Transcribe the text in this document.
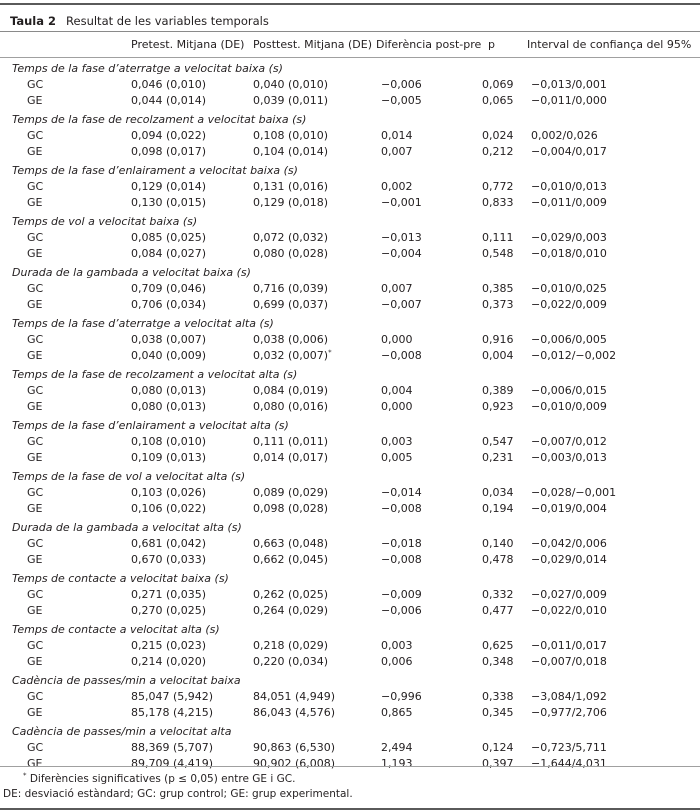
Taula 2 Resultat de les variables temporals
Pretest. Mitjana (DE) Posttest. Mitjana (DE) Diferència post-pre p	Interval de confiança del 95%
Temps de la fase d’aterratge a velocitat baixa (s)
GC	0,046 (0,010)	0,040 (0,010)	−0,006	0,069 −0,013/0,001
GE	0,044 (0,014)	0,039 (0,011)	−0,005	0,065 −0,011/0,000
Temps de la fase de recolzament a velocitat baixa (s)
GC	0,094 (0,022)	0,108 (0,010)	0,014	0,024 0,002/0,026
GE	0,098 (0,017)	0,104 (0,014)	0,007	0,212 −0,004/0,017
Temps de la fase d’enlairament a velocitat baixa (s)
GC	0,129 (0,014)	0,131 (0,016)	0,002	0,772 −0,010/0,013
GE	0,130 (0,015)	0,129 (0,018)	−0,001	0,833 −0,011/0,009
Temps de vol a velocitat baixa (s)
GC	0,085 (0,025)	0,072 (0,032)	−0,013	0,111 −0,029/0,003
GE	0,084 (0,027)	0,080 (0,028)	−0,004	0,548 −0,018/0,010
Durada de la gambada a velocitat baixa (s)
GC	0,709 (0,046)	0,716 (0,039)	0,007	0,385 −0,010/0,025
GE	0,706 (0,034)	0,699 (0,037)	−0,007	0,373 −0,022/0,009
Temps de la fase d’aterratge a velocitat alta (s)
GC	0,038 (0,007)	0,038 (0,006)	0,000	0,916 −0,006/0,005
GE	0,040 (0,009)	0,032 (0,007)*	−0,008	0,004 −0,012/−0,002
Temps de la fase de recolzament a velocitat alta (s)
GC	0,080 (0,013)	0,084 (0,019)	0,004	0,389 −0,006/0,015
GE	0,080 (0,013)	0,080 (0,016)	0,000	0,923 −0,010/0,009
Temps de la fase d’enlairament a velocitat alta (s)
GC	0,108 (0,010)	0,111 (0,011)	0,003	0,547 −0,007/0,012
GE	0,109 (0,013)	0,014 (0,017)	0,005	0,231 −0,003/0,013
Temps de la fase de vol a velocitat alta (s)
GC	0,103 (0,026)	0,089 (0,029)	−0,014	0,034 −0,028/−0,001
GE	0,106 (0,022)	0,098 (0,028)	−0,008	0,194 −0,019/0,004
Durada de la gambada a velocitat alta (s)
GC	0,681 (0,042)	0,663 (0,048)	−0,018	0,140 −0,042/0,006
GE	0,670 (0,033)	0,662 (0,045)	−0,008	0,478 −0,029/0,014
Temps de contacte a velocitat baixa (s)
GC	0,271 (0,035)	0,262 (0,025)	−0,009	0,332 −0,027/0,009
GE	0,270 (0,025)	0,264 (0,029)	−0,006	0,477 −0,022/0,010
Temps de contacte a velocitat alta (s)
GC	0,215 (0,023)	0,218 (0,029)	0,003	0,625 −0,011/0,017
GE	0,214 (0,020)	0,220 (0,034)	0,006	0,348 −0,007/0,018
Cadència de passes/min a velocitat baixa
GC	85,047 (5,942)	84,051 (4,949)	−0,996	0,338 −3,084/1,092
GE	85,178 (4,215)	86,043 (4,576)	0,865	0,345 −0,977/2,706
Cadència de passes/min a velocitat alta
GC	88,369 (5,707)	90,863 (6,530)	2,494	0,124 −0,723/5,711
GE	89,709 (4,419)	90,902 (6,008)	1,193	0,397 −1,644/4,031
* Diferències significatives (p ≤ 0,05) entre GE i GC.
DE: desviació estàndard; GC: grup control; GE: grup experimental.
